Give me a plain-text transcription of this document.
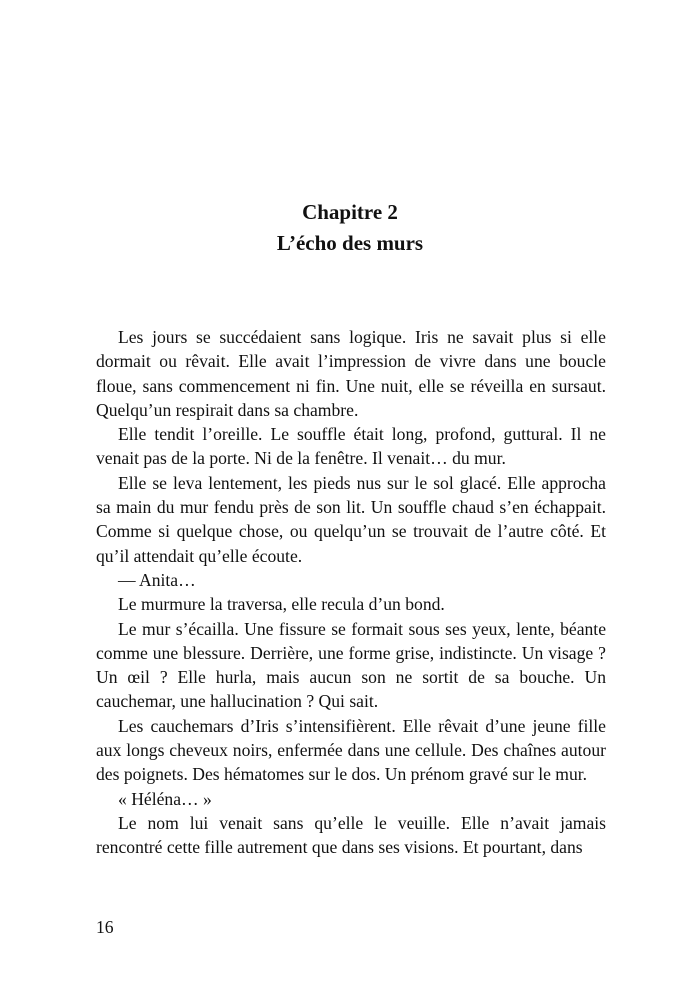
Chapitre 2
L’écho des murs

Les jours se succédaient sans logique. Iris ne savait plus si elle dormait ou rêvait. Elle avait l’impression de vivre dans une boucle floue, sans commencement ni fin. Une nuit, elle se réveilla en sursaut. Quelqu’un respirait dans sa chambre.

Elle tendit l’oreille. Le souffle était long, profond, guttural. Il ne venait pas de la porte. Ni de la fenêtre. Il venait… du mur.

Elle se leva lentement, les pieds nus sur le sol glacé. Elle approcha sa main du mur fendu près de son lit. Un souffle chaud s’en échappait. Comme si quelque chose, ou quelqu’un se trouvait de l’autre côté. Et qu’il attendait qu’elle écoute.

— Anita…

Le murmure la traversa, elle recula d’un bond.

Le mur s’écailla. Une fissure se formait sous ses yeux, lente, béante comme une blessure. Derrière, une forme grise, indistincte. Un visage ? Un œil ? Elle hurla, mais aucun son ne sortit de sa bouche. Un cauchemar, une hallucination ? Qui sait.

Les cauchemars d’Iris s’intensifièrent. Elle rêvait d’une jeune fille aux longs cheveux noirs, enfermée dans une cellule. Des chaînes autour des poignets. Des hématomes sur le dos. Un prénom gravé sur le mur.

« Héléna… »

Le nom lui venait sans qu’elle le veuille. Elle n’avait jamais rencontré cette fille autrement que dans ses visions. Et pourtant, dans

16
